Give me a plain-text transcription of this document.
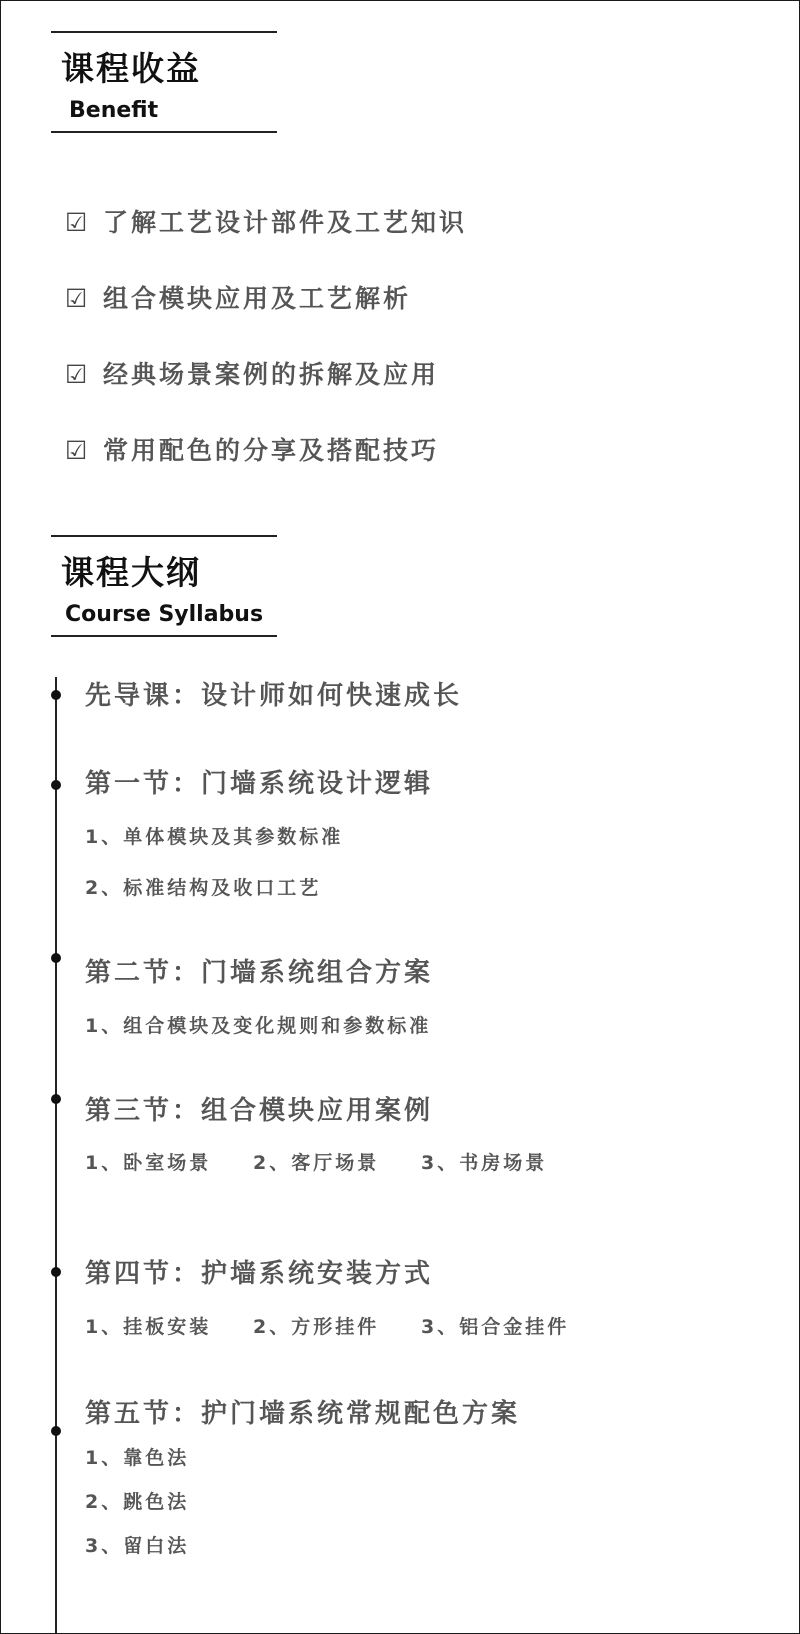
课程收益
Benefit
☑ 了解工艺设计部件及工艺知识
☑ 组合模块应用及工艺解析
☑ 经典场景案例的拆解及应用
☑ 常用配色的分享及搭配技巧
课程大纲
Course Syllabus
先导课：设计师如何快速成长
第一节：门墙系统设计逻辑
1、单体模块及其参数标准
2、标准结构及收口工艺
第二节：门墙系统组合方案
1、组合模块及变化规则和参数标准
第三节：组合模块应用案例
1、卧室场景 2、客厅场景 3、书房场景
第四节：护墙系统安装方式
1、挂板安装 2、方形挂件 3、铝合金挂件
第五节：护门墙系统常规配色方案
1、靠色法
2、跳色法
3、留白法
